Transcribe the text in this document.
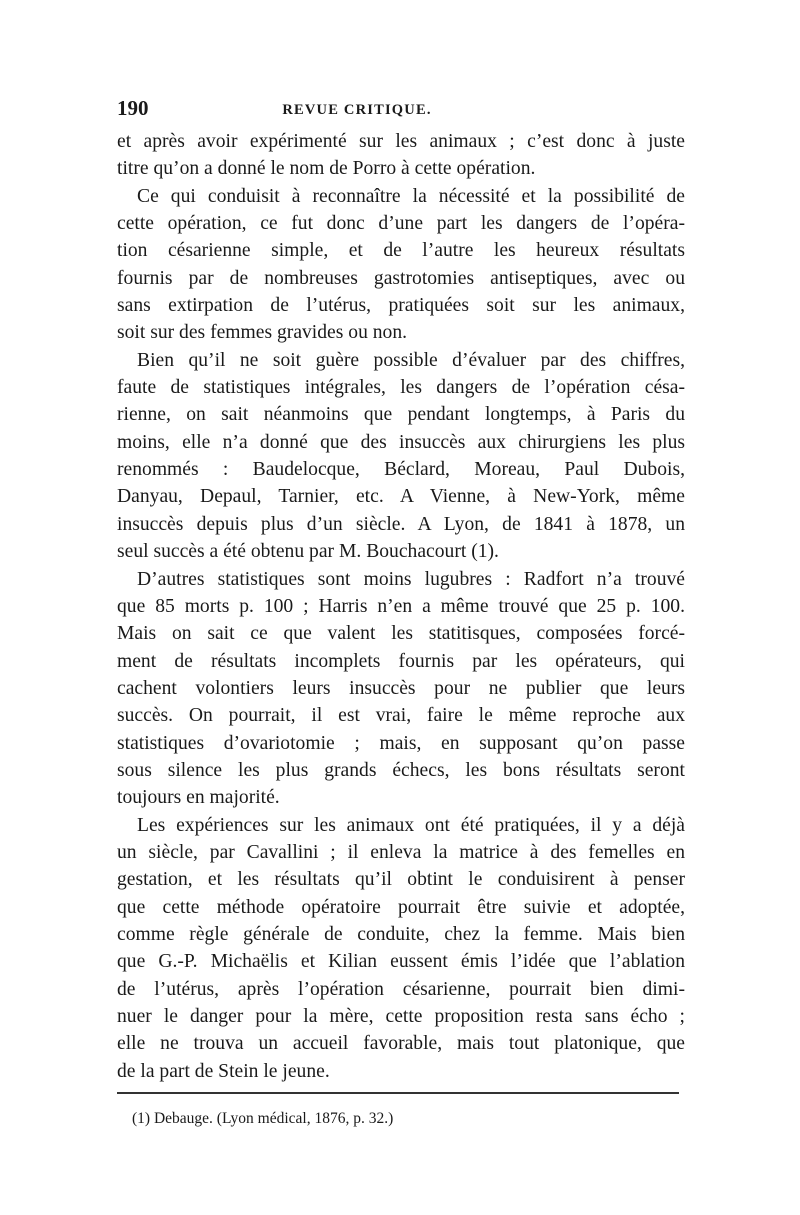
190	REVUE CRITIQUE.
et après avoir expérimenté sur les animaux ; c’est donc à juste
titre qu’on a donné le nom de Porro à cette opération.
Ce qui conduisit à reconnaître la nécessité et la possibilité de
cette opération, ce fut donc d’une part les dangers de l’opéra-
tion césarienne simple, et de l’autre les heureux résultats
fournis par de nombreuses gastrotomies antiseptiques, avec ou
sans extirpation de l’utérus, pratiquées soit sur les animaux,
soit sur des femmes gravides ou non.
Bien qu’il ne soit guère possible d’évaluer par des chiffres,
faute de statistiques intégrales, les dangers de l’opération césa-
rienne, on sait néanmoins que pendant longtemps, à Paris du
moins, elle n’a donné que des insuccès aux chirurgiens les plus
renommés : Baudelocque, Béclard, Moreau, Paul Dubois,
Danyau, Depaul, Tarnier, etc. A Vienne, à New-York, même
insuccès depuis plus d’un siècle. A Lyon, de 1841 à 1878, un
seul succès a été obtenu par M. Bouchacourt (1).
D’autres statistiques sont moins lugubres : Radfort n’a trouvé
que 85 morts p. 100 ; Harris n’en a même trouvé que 25 p. 100.
Mais on sait ce que valent les statitisques, composées forcé-
ment de résultats incomplets fournis par les opérateurs, qui
cachent volontiers leurs insuccès pour ne publier que leurs
succès. On pourrait, il est vrai, faire le même reproche aux
statistiques d’ovariotomie ; mais, en supposant qu’on passe
sous silence les plus grands échecs, les bons résultats seront
toujours en majorité.
Les expériences sur les animaux ont été pratiquées, il y a déjà
un siècle, par Cavallini ; il enleva la matrice à des femelles en
gestation, et les résultats qu’il obtint le conduisirent à penser
que cette méthode opératoire pourrait être suivie et adoptée,
comme règle générale de conduite, chez la femme. Mais bien
que G.-P. Michaëlis et Kilian eussent émis l’idée que l’ablation
de l’utérus, après l’opération césarienne, pourrait bien dimi-
nuer le danger pour la mère, cette proposition resta sans écho ;
elle ne trouva un accueil favorable, mais tout platonique, que
de la part de Stein le jeune.
(1) Debauge. (Lyon médical, 1876, p. 32.)
